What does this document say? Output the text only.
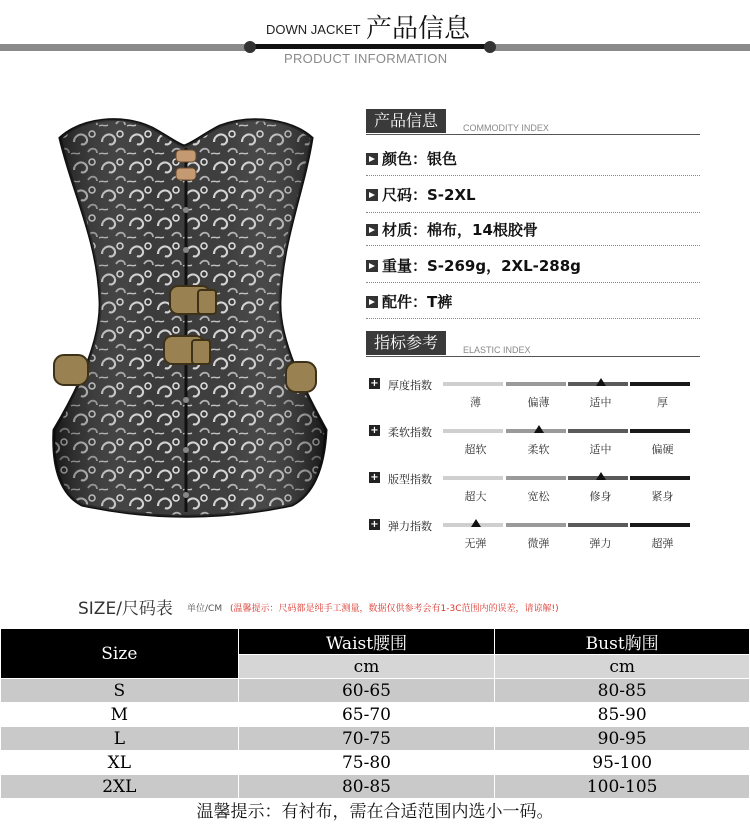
DOWN JACKET 产品信息
PRODUCT INFORMATION
产品信息	COMMODITY INDEX
颜色：银色
尺码：S-2XL
材质：棉布，14根胶骨
重量：S-269g，2XL-288g
配件：T裤
指标参考	ELASTIC INDEX
+ 厚度指数
薄	偏薄	适中	厚
+ 柔软指数
超软	柔软	适中	偏硬
+ 版型指数
超大	宽松	修身	紧身
+ 弹力指数
无弹	微弹	弹力	超弹
SIZE/尺码表 单位/CM (温馨提示：尺码都是纯手工测量，数据仅供参考会有1-3C范围内的误差，请谅解!)
Size	Waist腰围	Bust胸围
	cm	cm
S	60-65	80-85
M	65-70	85-90
L	70-75	90-95
XL	75-80	95-100
2XL	80-85	100-105
温馨提示：有衬布，需在合适范围内选小一码。
